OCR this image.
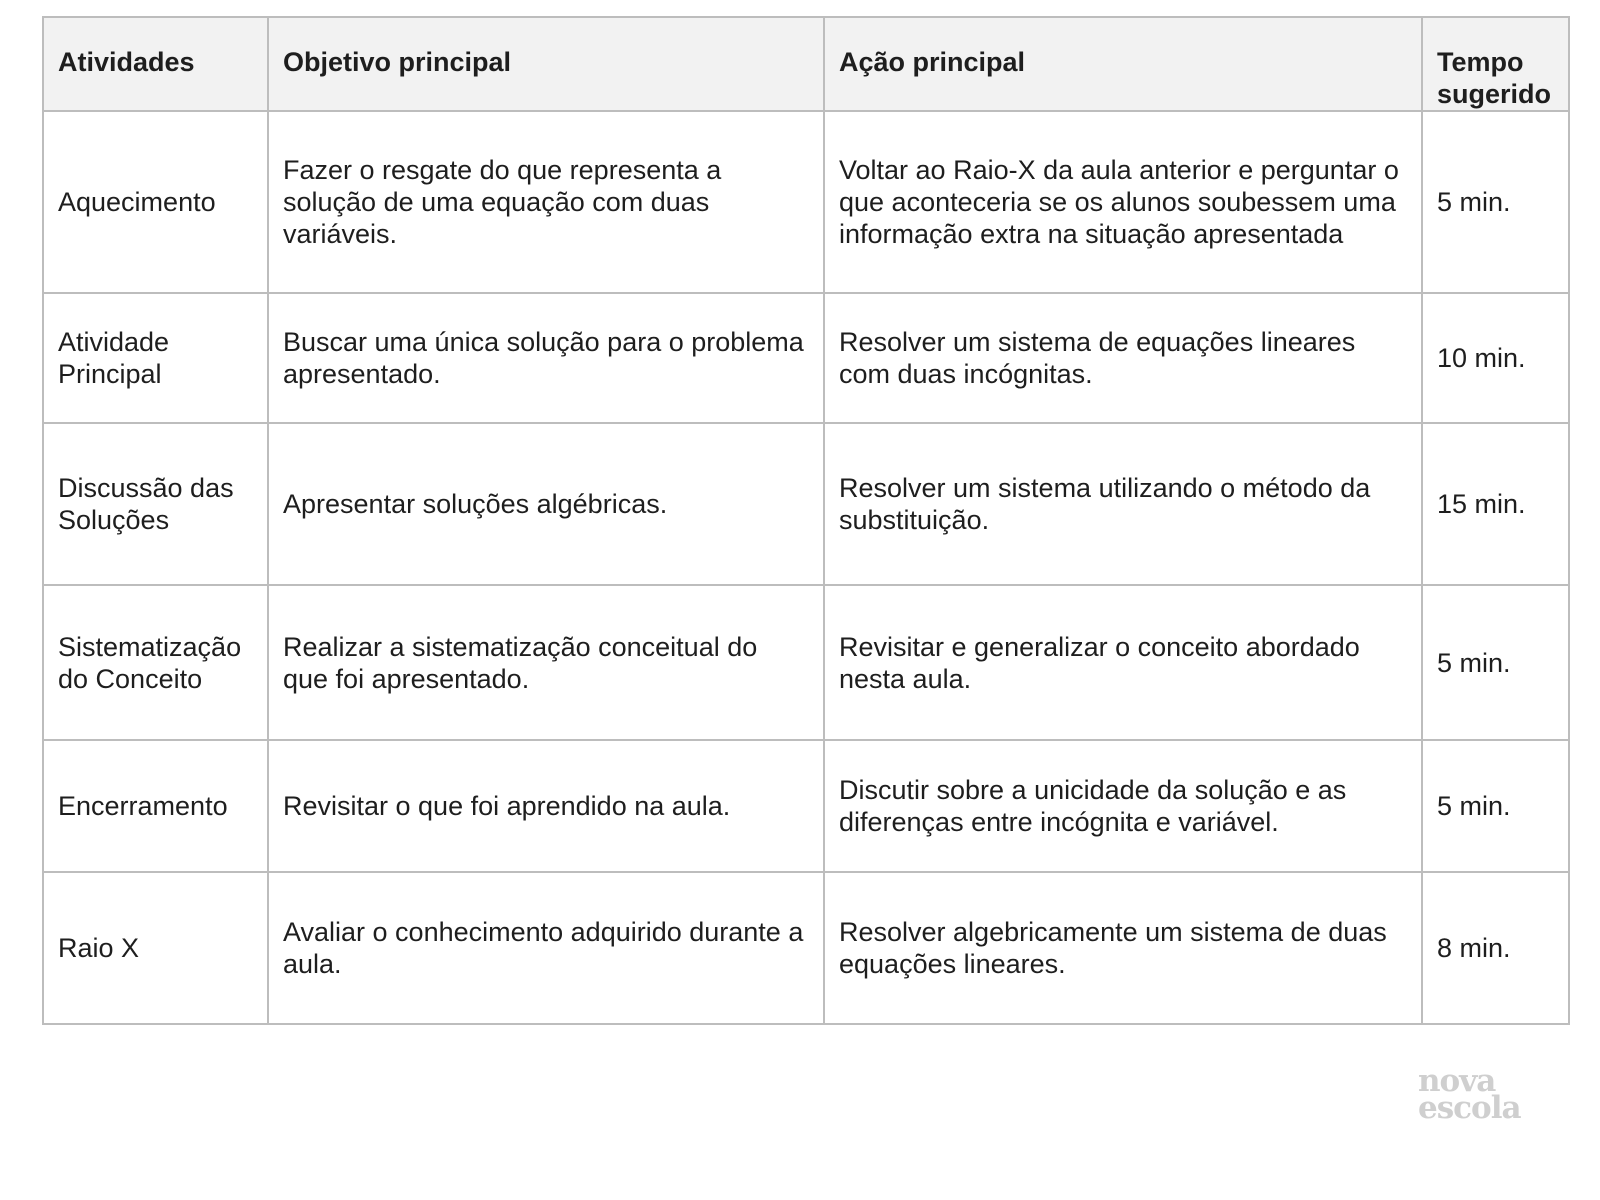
Atividades	Objetivo principal	Ação principal	Tempo sugerido
Aquecimento	Fazer o resgate do que representa a solução de uma equação com duas variáveis.	Voltar ao Raio-X da aula anterior e perguntar o que aconteceria se os alunos soubessem uma informação extra na situação apresentada	5 min.
Atividade Principal	Buscar uma única solução para o problema apresentado.	Resolver um sistema de equações lineares com duas incógnitas.	10 min.
Discussão das Soluções	Apresentar soluções algébricas.	Resolver um sistema utilizando o método da substituição.	15 min.
Sistematização do Conceito	Realizar a sistematização conceitual do que foi apresentado.	Revisitar e generalizar o conceito abordado nesta aula.	5 min.
Encerramento	Revisitar o que foi aprendido na aula.	Discutir sobre a unicidade da solução e as diferenças entre incógnita e variável.	5 min.
Raio X	Avaliar o conhecimento adquirido durante a aula.	Resolver algebricamente um sistema de duas equações lineares.	8 min.
nova
escola
